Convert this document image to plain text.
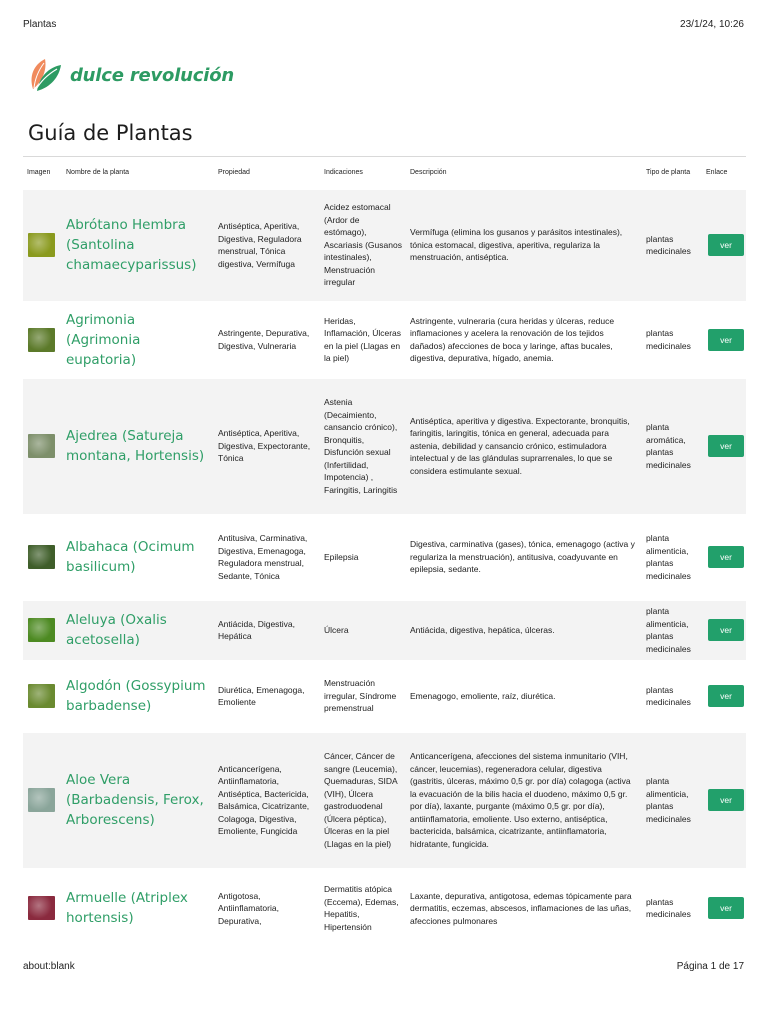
Plantas	23/1/24, 10:26
dulce revolución
Guía de Plantas
Imagen	Nombre de la planta	Propiedad	Indicaciones	Descripción	Tipo de planta	Enlace

	Abrótano Hembra (Santolina chamaecyparissus)	Antiséptica, Aperitiva, Digestiva, Reguladora menstrual, Tónica digestiva, Vermífuga	Acidez estomacal (Ardor de estómago), Ascariasis (Gusanos intestinales), Menstruación irregular	Vermífuga (elimina los gusanos y parásitos intestinales), tónica estomacal, digestiva, aperitiva, regulariza la menstruación, antiséptica.	plantas medicinales	ver

	Agrimonia (Agrimonia eupatoria)	Astringente, Depurativa, Digestiva, Vulneraria	Heridas, Inflamación, Úlceras en la piel (Llagas en la piel)	Astringente, vulneraria (cura heridas y úlceras, reduce inflamaciones y acelera la renovación de los tejidos dañados) afecciones de boca y laringe, aftas bucales, digestiva, depurativa, hígado, anemia.	plantas medicinales	ver

	Ajedrea (Satureja montana, Hortensis)	Antiséptica, Aperitiva, Digestiva, Expectorante, Tónica	Astenia (Decaimiento, cansancio crónico), Bronquitis, Disfunción sexual (Infertilidad, Impotencia) , Faringitis, Laringitis	Antiséptica, aperitiva y digestiva. Expectorante, bronquitis, faringitis, laringitis, tónica en general, adecuada para astenia, debilidad y cansancio crónico, estimuladora intelectual y de las glándulas suprarrenales, lo que se considera estimulante sexual.	planta aromática, plantas medicinales	ver

	Albahaca (Ocimum basilicum)	Antitusiva, Carminativa, Digestiva, Emenagoga, Reguladora menstrual, Sedante, Tónica	Epilepsia	Digestiva, carminativa (gases), tónica, emenagogo (activa y regulariza la menstruación), antitusiva, coadyuvante en epilepsia, sedante.	planta alimenticia, plantas medicinales	ver

	Aleluya (Oxalis acetosella)	Antiácida, Digestiva, Hepática	Úlcera	Antiácida, digestiva, hepática, úlceras.	planta alimenticia, plantas medicinales	ver

	Algodón (Gossypium barbadense)	Diurética, Emenagoga, Emoliente	Menstruación irregular, Síndrome premenstrual	Emenagogo, emoliente, raíz, diurética.	plantas medicinales	ver

	Aloe Vera (Barbadensis, Ferox, Arborescens)	Anticancerígena, Antiinflamatoria, Antiséptica, Bactericida, Balsámica, Cicatrizante, Colagoga, Digestiva, Emoliente, Fungicida	Cáncer, Cáncer de sangre (Leucemia), Quemaduras, SIDA (VIH), Úlcera gastroduodenal (Úlcera péptica), Úlceras en la piel (Llagas en la piel)	Anticancerígena, afecciones del sistema inmunitario (VIH, cáncer, leucemias), regeneradora celular, digestiva (gastritis, úlceras, máximo 0,5 gr. por día) colagoga (activa la evacuación de la bilis hacia el duodeno, máximo 0,5 gr. por día), laxante, purgante (máximo 0,5 gr. por día), antiinflamatoria, emoliente. Uso externo, antiséptica, bactericida, balsámica, cicatrizante, antiinflamatoria, hidratante, fungicida.	planta alimenticia, plantas medicinales	ver

	Armuelle (Atriplex hortensis)	Antigotosa, Antiinflamatoria, Depurativa,	Dermatitis atópica (Eccema), Edemas, Hepatitis, Hipertensión	Laxante, depurativa, antigotosa, edemas tópicamente para dermatitis, eczemas, abscesos, inflamaciones de las uñas, afecciones pulmonares	plantas medicinales	ver
about:blank	Página 1 de 17
